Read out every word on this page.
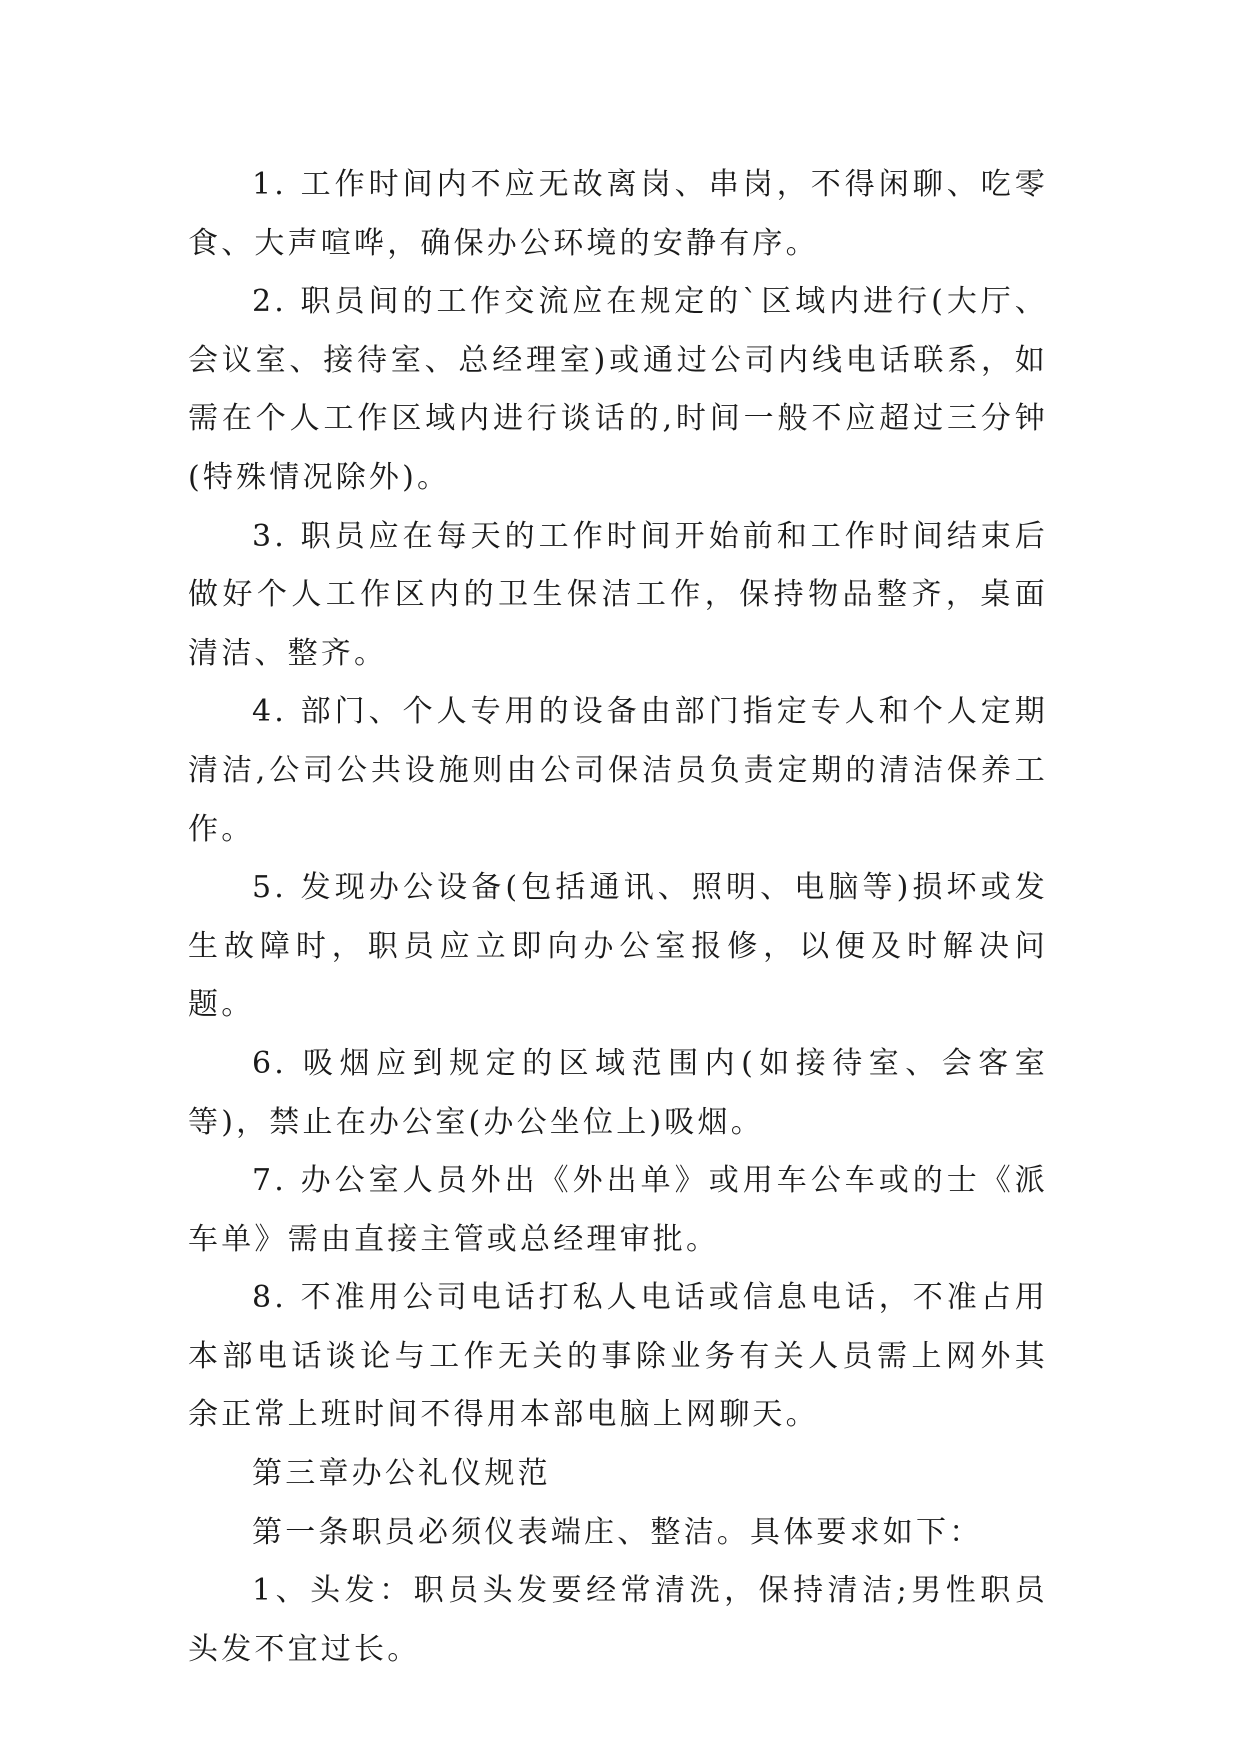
1. 工作时间内不应无故离岗、串岗，不得闲聊、吃零食、大声喧哗，确保办公环境的安静有序。

2. 职员间的工作交流应在规定的`区域内进行(大厅、会议室、接待室、总经理室)或通过公司内线电话联系，如需在个人工作区域内进行谈话的,时间一般不应超过三分钟(特殊情况除外)。

3. 职员应在每天的工作时间开始前和工作时间结束后做好个人工作区内的卫生保洁工作，保持物品整齐，桌面清洁、整齐。

4. 部门、个人专用的设备由部门指定专人和个人定期清洁,公司公共设施则由公司保洁员负责定期的清洁保养工作。

5. 发现办公设备(包括通讯、照明、电脑等)损坏或发生故障时，职员应立即向办公室报修，以便及时解决问题。

6. 吸烟应到规定的区域范围内(如接待室、会客室等)，禁止在办公室(办公坐位上)吸烟。

7. 办公室人员外出《外出单》或用车公车或的士《派车单》需由直接主管或总经理审批。

8. 不准用公司电话打私人电话或信息电话，不准占用本部电话谈论与工作无关的事除业务有关人员需上网外其余正常上班时间不得用本部电脑上网聊天。

第三章办公礼仪规范

第一条职员必须仪表端庄、整洁。具体要求如下：

1、头发：职员头发要经常清洗，保持清洁;男性职员头发不宜过长。
